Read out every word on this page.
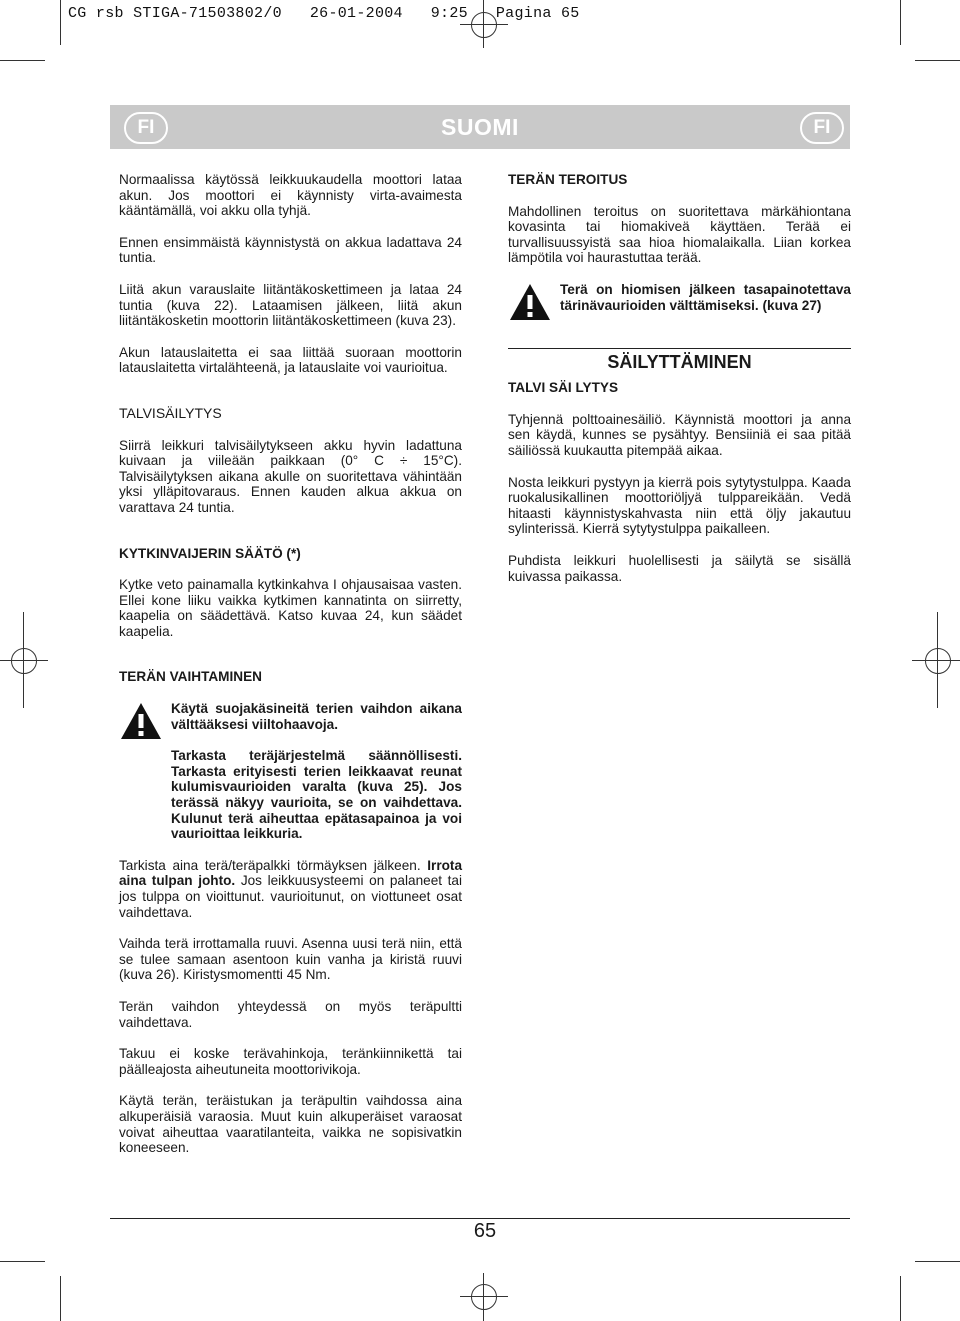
CG rsb STIGA-71503802/0   26-01-2004   9:25   Pagina 65
FI	SUOMI	FI

Normaalissa käytössä leikkuukaudella moottori lataa akun. Jos moottori ei käynnisty virta-avaimesta kääntämällä, voi akku olla tyhjä.

Ennen ensimmäistä käynnistystä on akkua ladattava 24 tuntia.

Liitä akun varauslaite liitäntäkoskettimeen ja lataa 24 tuntia (kuva 22). Lataamisen jälkeen, liitä akun liitäntäkosketin moottorin liitäntäkoskettimeen (kuva 23).

Akun latauslaitetta ei saa liittää suoraan moottorin latauslaitetta virtalähteenä, ja latauslaite voi vaurioitua.

TALVISÄILYTYS

Siirrä leikkuri talvisäilytykseen akku hyvin ladattuna kuivaan ja viileään paikkaan (0° C ÷ 15°C). Talvisäilytyksen aikana akulle on suoritettava vähintään yksi ylläpitovaraus. Ennen kauden alkua akkua on varattava 24 tuntia.

KYTKINVAIJERIN SÄÄTÖ (*)

Kytke veto painamalla kytkinkahva I ohjausaisaa vasten. Ellei kone liiku vaikka kytkimen kannatinta on siirretty, kaapelia on säädettävä. Katso kuvaa 24, kun säädet kaapelia.

TERÄN VAIHTAMINEN

Käytä suojakäsineitä terien vaihdon aikana välttääksesi viiltohaavoja.

Tarkasta teräjärjestelmä säännöllisesti. Tarkasta erityisesti terien leikkaavat reunat kulumisvaurioiden varalta (kuva 25). Jos terässä näkyy vaurioita, se on vaihdettava. Kulunut terä aiheuttaa epätasapainoa ja voi vaurioittaa leikkuria.

Tarkista aina terä/teräpalkki törmäyksen jälkeen. Irrota aina tulpan johto. Jos leikkuusysteemi on palaneet tai jos tulppa on vioittunut. vaurioitunut, on viottuneet osat vaihdettava.

Vaihda terä irrottamalla ruuvi. Asenna uusi terä niin, että se tulee samaan asentoon kuin vanha ja kiristä ruuvi (kuva 26). Kiristysmomentti 45 Nm.

Terän vaihdon yhteydessä on myös teräpultti vaihdettava.

Takuu ei koske terävahinkoja, teränkiinnikettä tai päälleajosta aiheutuneita moottorivikoja.

Käytä terän, teräistukan ja teräpultin vaihdossa aina alkuperäisiä varaosia. Muut kuin alkuperäiset varaosat voivat aiheuttaa vaaratilanteita, vaikka ne sopisivatkin koneeseen.

TERÄN TEROITUS

Mahdollinen teroitus on suoritettava märkähiontana kovasinta tai hiomakiveä käyttäen. Terää ei turvallisuussyistä saa hioa hiomalaikalla. Liian korkea lämpötila voi haurastuttaa terää.

Terä on hiomisen jälkeen tasapainotettava tärinävaurioiden välttämiseksi. (kuva 27)
SÄILYTTÄMINEN
TALVI SÄI LYTYS

Tyhjennä polttoainesäiliö. Käynnistä moottori ja anna sen käydä, kunnes se pysähtyy. Bensiiniä ei saa pitää säiliössä kuukautta pitempää aikaa.

Nosta leikkuri pystyyn ja kierrä pois sytytystulppa. Kaada ruokalusikallinen moottoriöljyä tulppareikään. Vedä hitaasti käynnistyskahvasta niin että öljy jakautuu sylinterissä. Kierrä sytytystulppa paikalleen.

Puhdista leikkuri huolellisesti ja säilytä se sisällä kuivassa paikassa.

65
